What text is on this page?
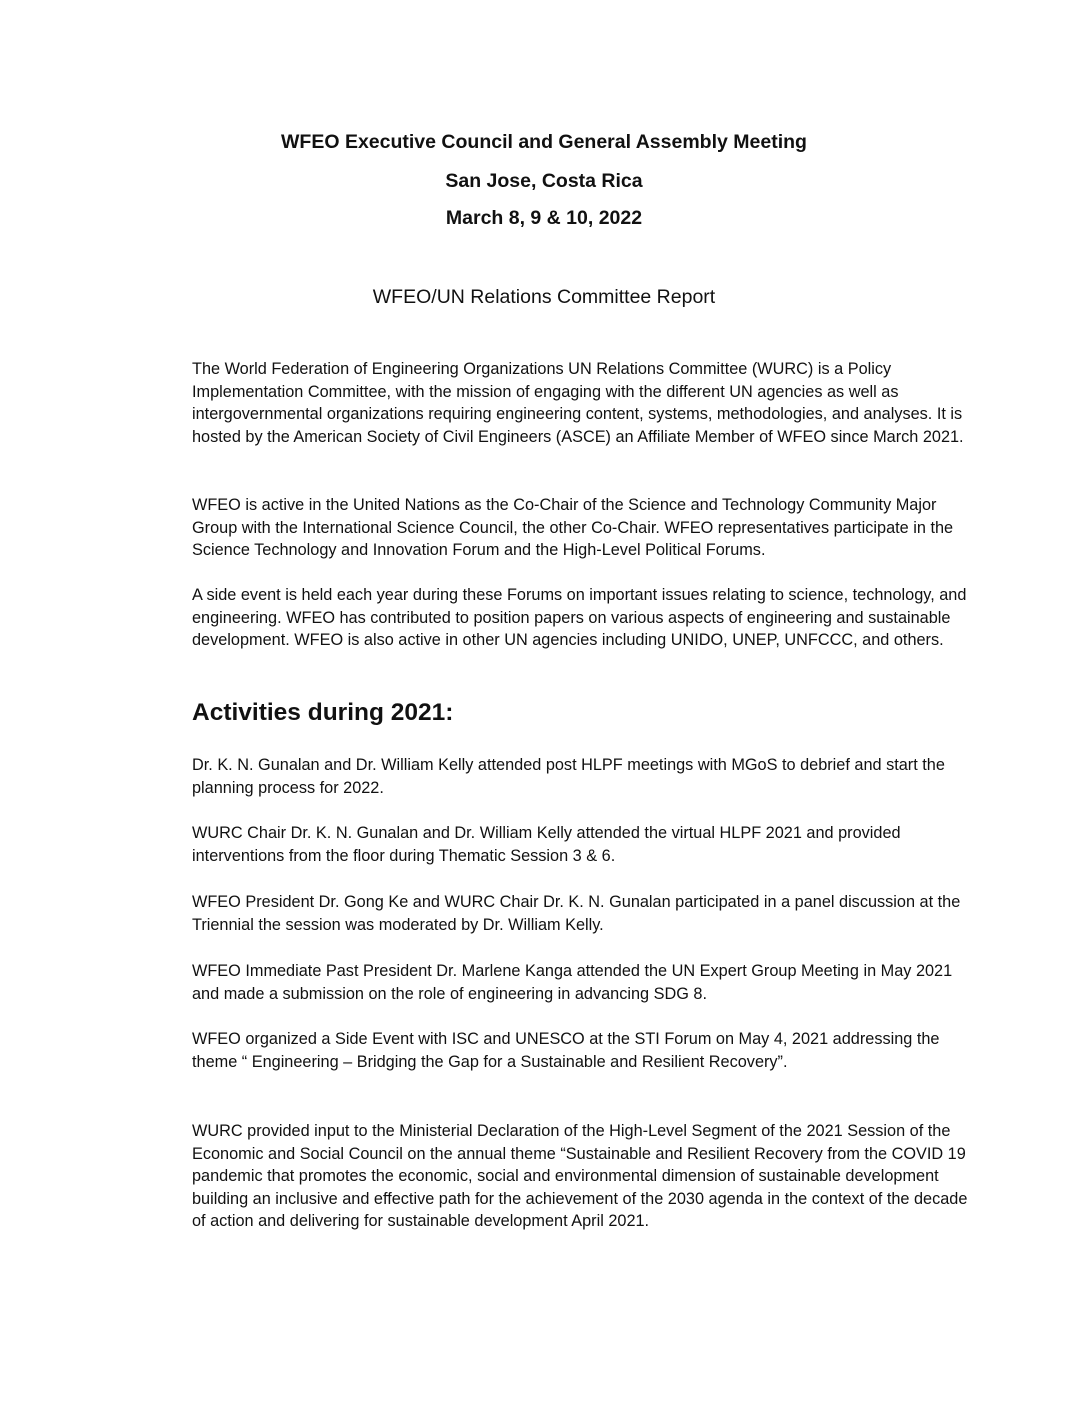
WFEO Executive Council and General Assembly Meeting
San Jose, Costa Rica
March 8, 9 & 10, 2022
WFEO/UN Relations Committee Report

The World Federation of Engineering Organizations UN Relations Committee (WURC) is a Policy Implementation Committee, with the mission of engaging with the different UN agencies as well as intergovernmental organizations requiring engineering content, systems, methodologies, and analyses. It is hosted by the American Society of Civil Engineers (ASCE) an Affiliate Member of WFEO since March 2021.

WFEO is active in the United Nations as the Co-Chair of the Science and Technology Community Major Group with the International Science Council, the other Co-Chair. WFEO representatives participate in the Science Technology and Innovation Forum and the High-Level Political Forums.

A side event is held each year during these Forums on important issues relating to science, technology, and engineering. WFEO has contributed to position papers on various aspects of engineering and sustainable development. WFEO is also active in other UN agencies including UNIDO, UNEP, UNFCCC, and others.

Activities during 2021:

Dr. K. N. Gunalan and Dr. William Kelly attended post HLPF meetings with MGoS to debrief and start the planning process for 2022.

WURC Chair Dr. K. N. Gunalan and Dr. William Kelly attended the virtual HLPF 2021 and provided interventions from the floor during Thematic Session 3 & 6.

WFEO President Dr. Gong Ke and WURC Chair Dr. K. N. Gunalan participated in a panel discussion at the Triennial the session was moderated by Dr. William Kelly.

WFEO Immediate Past President Dr. Marlene Kanga attended the UN Expert Group Meeting in May 2021 and made a submission on the role of engineering in advancing SDG 8.

WFEO organized a Side Event with ISC and UNESCO at the STI Forum on May 4, 2021 addressing the theme “ Engineering – Bridging the Gap for a Sustainable and Resilient Recovery”.

WURC provided input to the Ministerial Declaration of the High-Level Segment of the 2021 Session of the Economic and Social Council on the annual theme “Sustainable and Resilient Recovery from the COVID 19 pandemic that promotes the economic, social and environmental dimension of sustainable development building an inclusive and effective path for the achievement of the 2030 agenda in the context of the decade of action and delivering for sustainable development April 2021.
